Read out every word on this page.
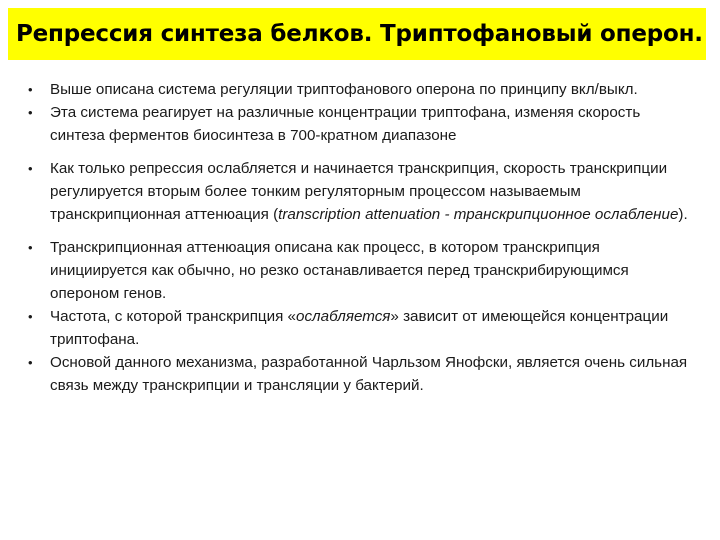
Репрессия синтеза белков. Триптофановый оперон.
• Выше описана система регуляции триптофанового оперона по принципу вкл/выкл.
• Эта система реагирует на различные концентрации триптофана, изменяя скорость синтеза ферментов биосинтеза в 700-кратном диапазоне
• Как только репрессия ослабляется и начинается транскрипция, скорость транскрипции регулируется вторым более тонким регуляторным процессом называемым транскрипционная аттенюация (transcription attenuation - транскрипционное ослабление).
• Транскрипционная аттенюация описана как процесс, в котором транскрипция инициируется как обычно, но резко останавливается перед транскрибирующимся опероном генов.
• Частота, с которой транскрипция «ослабляется» зависит от имеющейся концентрации триптофана.
• Основой данного механизма, разработанной Чарльзом Янофски, является очень сильная связь между транскрипции и трансляции у бактерий.
